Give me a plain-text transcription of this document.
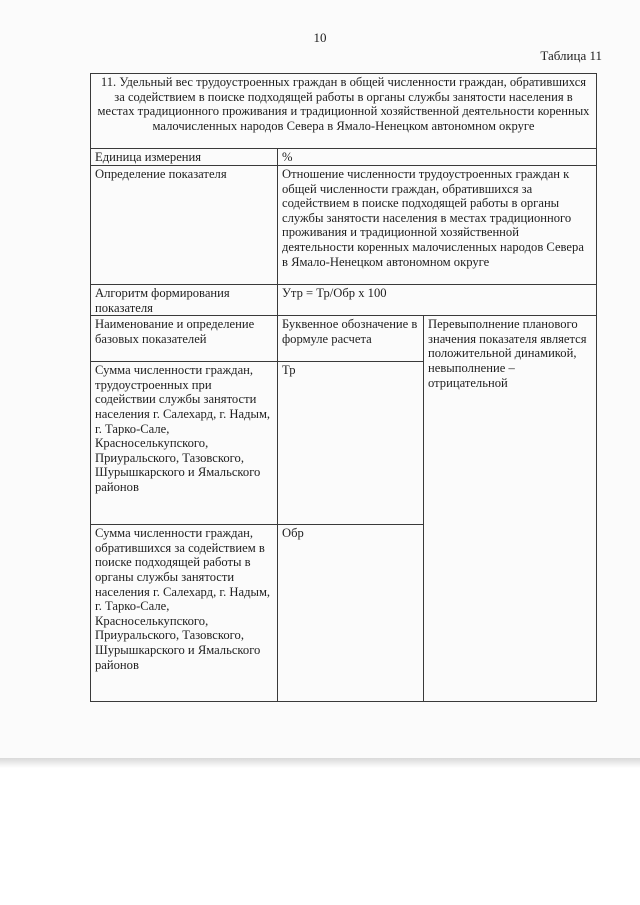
10
Таблица 11
11. Удельный вес трудоустроенных граждан в общей численности граждан, обратившихся за содействием в поиске подходящей работы в органы службы занятости населения в местах традиционного проживания и традиционной хозяйственной деятельности коренных малочисленных народов Севера в Ямало-Ненецком автономном округе		
Единица измерения	%	
Определение показателя	Отношение численности трудоустроенных граждан к общей численности граждан, обратившихся за содействием в поиске подходящей работы в органы службы занятости населения в местах традиционного проживания и традиционной хозяйственной деятельности коренных малочисленных народов Севера в Ямало-Ненецком автономном округе	
Алгоритм формирования показателя	Утр = Тр/Обр х 100	
Наименование и определение базовых показателей	Буквенное обозначение в формуле расчета	Перевыполнение планового значения показателя является положительной динамикой, невыполнение – отрицательной
Сумма численности граждан, трудоустроенных при содействии службы занятости населения г. Салехард, г. Надым, г. Тарко-Сале, Красноселькупского, Приуральского, Тазовского, Шурышкарского и Ямальского районов	Тр	
Сумма численности граждан, обратившихся за содействием в поиске подходящей работы в органы службы занятости населения г. Салехард, г. Надым, г. Тарко-Сале, Красноселькупского, Приуральского, Тазовского, Шурышкарского и Ямальского районов	Обр	
